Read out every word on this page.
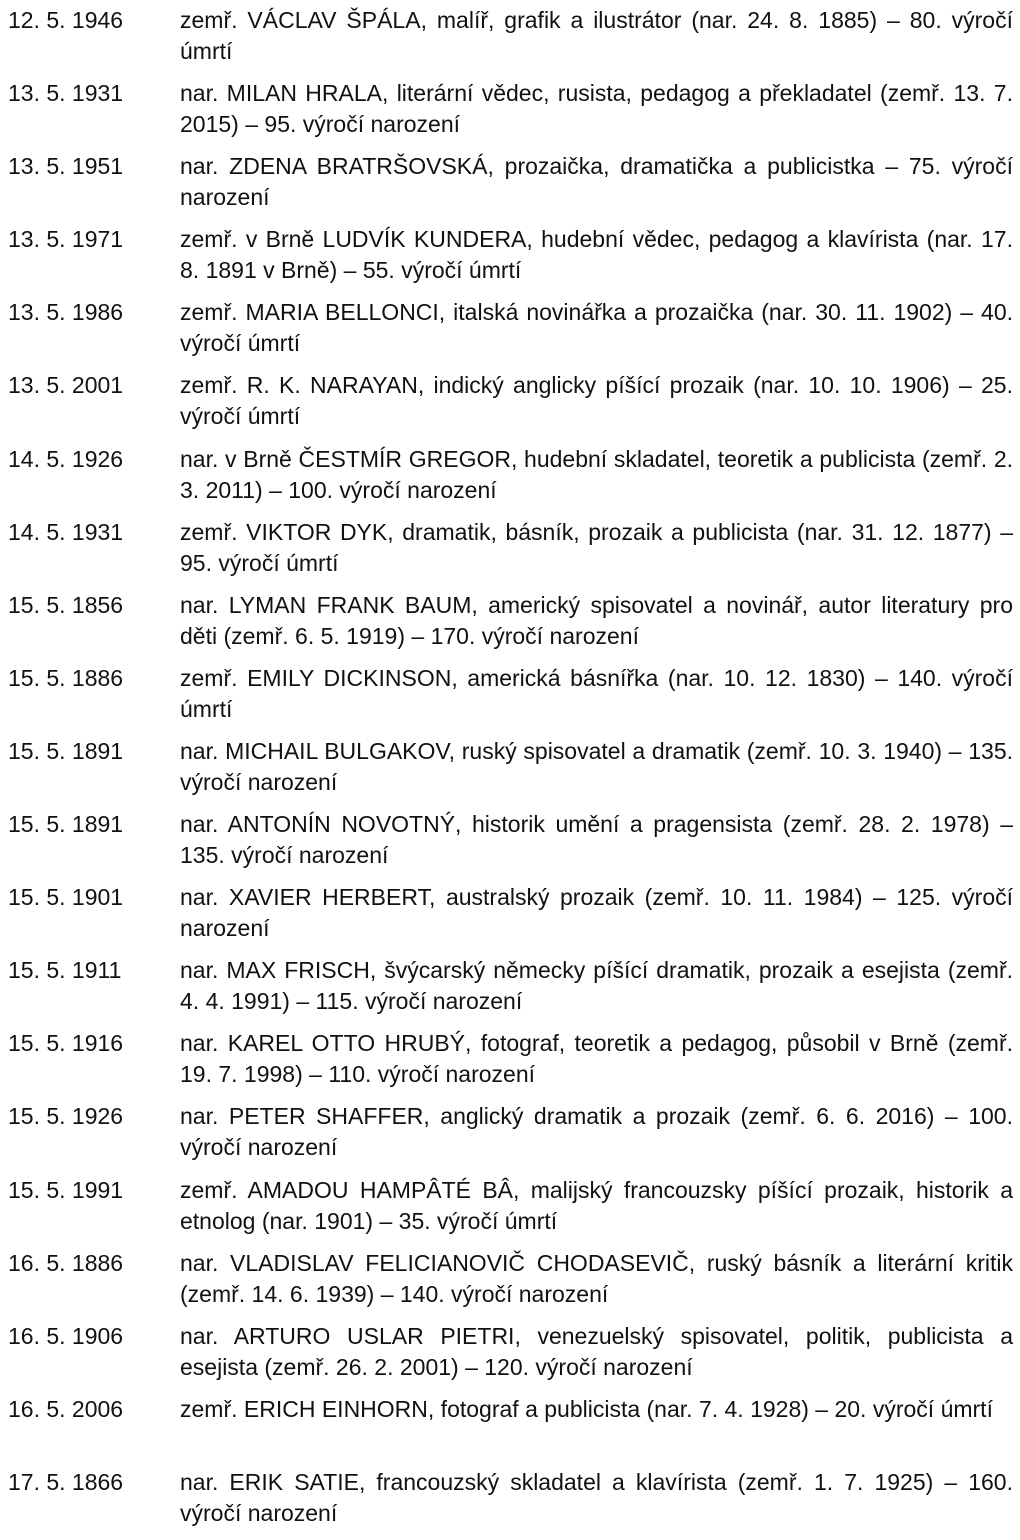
12. 5. 1946	zemř. VÁCLAV ŠPÁLA, malíř, grafik a ilustrátor (nar. 24. 8. 1885) – 80. výročí úmrtí
13. 5. 1931	nar. MILAN HRALA, literární vědec, rusista, pedagog a překladatel (zemř. 13. 7. 2015) – 95. výročí narození
13. 5. 1951	nar. ZDENA BRATRŠOVSKÁ, prozaička, dramatička a publicistka – 75. výročí narození
13. 5. 1971	zemř. v Brně LUDVÍK KUNDERA, hudební vědec, pedagog a klavírista (nar. 17. 8. 1891 v Brně) – 55. výročí úmrtí
13. 5. 1986	zemř. MARIA BELLONCI, italská novinářka a prozaička (nar. 30. 11. 1902) – 40. výročí úmrtí
13. 5. 2001	zemř. R. K. NARAYAN, indický anglicky píšící prozaik (nar. 10. 10. 1906) – 25. výročí úmrtí
14. 5. 1926	nar. v Brně ČESTMÍR GREGOR, hudební skladatel, teoretik a publicista (zemř. 2. 3. 2011) – 100. výročí narození
14. 5. 1931	zemř. VIKTOR DYK, dramatik, básník, prozaik a publicista (nar. 31. 12. 1877) – 95. výročí úmrtí
15. 5. 1856	nar. LYMAN FRANK BAUM, americký spisovatel a novinář, autor literatury pro děti (zemř. 6. 5. 1919) – 170. výročí narození
15. 5. 1886	zemř. EMILY DICKINSON, americká básnířka (nar. 10. 12. 1830) – 140. výročí úmrtí
15. 5. 1891	nar. MICHAIL BULGAKOV, ruský spisovatel a dramatik (zemř. 10. 3. 1940) – 135. výročí narození
15. 5. 1891	nar. ANTONÍN NOVOTNÝ, historik umění a pragensista (zemř. 28. 2. 1978) – 135. výročí narození
15. 5. 1901	nar. XAVIER HERBERT, australský prozaik (zemř. 10. 11. 1984) – 125. výročí narození
15. 5. 1911	nar. MAX FRISCH, švýcarský německy píšící dramatik, prozaik a esejista (zemř. 4. 4. 1991) – 115. výročí narození
15. 5. 1916	nar. KAREL OTTO HRUBÝ, fotograf, teoretik a pedagog, působil v Brně (zemř. 19. 7. 1998) – 110. výročí narození
15. 5. 1926	nar. PETER SHAFFER, anglický dramatik a prozaik (zemř. 6. 6. 2016) – 100. výročí narození
15. 5. 1991	zemř. AMADOU HAMPÂTÉ BÂ, malijský francouzsky píšící prozaik, historik a etnolog (nar. 1901) – 35. výročí úmrtí
16. 5. 1886	nar. VLADISLAV FELICIANOVIČ CHODASEVIČ, ruský básník a literární kritik (zemř. 14. 6. 1939) – 140. výročí narození
16. 5. 1906	nar. ARTURO USLAR PIETRI, venezuelský spisovatel, politik, publicista a esejista (zemř. 26. 2. 2001) – 120. výročí narození
16. 5. 2006	zemř. ERICH EINHORN, fotograf a publicista (nar. 7. 4. 1928) – 20. výročí úmrtí
17. 5. 1866	nar. ERIK SATIE, francouzský skladatel a klavírista (zemř. 1. 7. 1925) – 160. výročí narození
